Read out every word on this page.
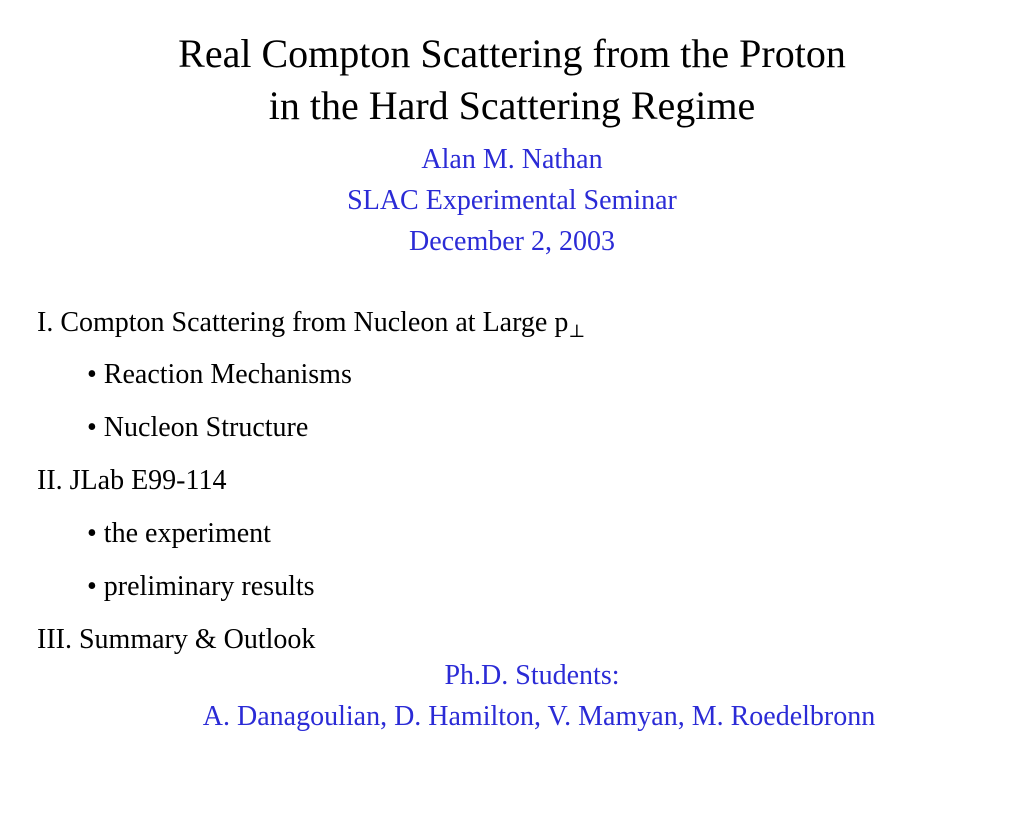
Real Compton Scattering from the Proton
in the Hard Scattering Regime
Alan M. Nathan
SLAC Experimental Seminar
December 2, 2003
I. Compton Scattering from Nucleon at Large $p_\perp$
• Reaction Mechanisms
• Nucleon Structure
II. JLab E99-114
• the experiment
• preliminary results
III. Summary & Outlook
Ph.D. Students:
A. Danagoulian, D. Hamilton, V. Mamyan, M. Roedelbronn
